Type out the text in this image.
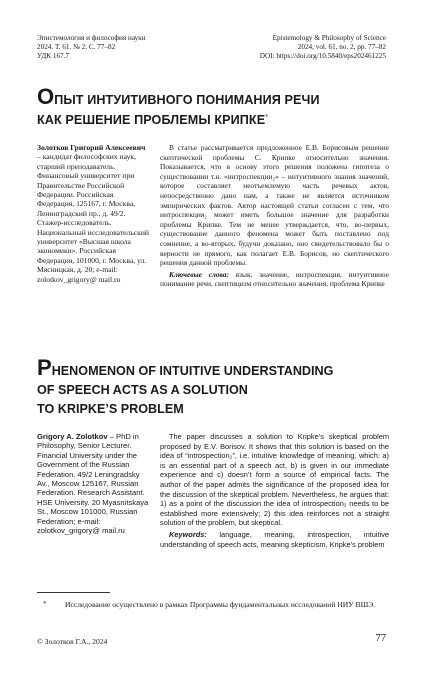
Эпистемология и философия науки
2024. Т. 61. № 2. С. 77–82
УДК 167.7
Epistemology & Philosophy of Science
2024, vol. 61, no. 2, pp. 77–82
DOI: https://doi.org/10.5840/eps202461225
ОПЫТ ИНТУИТИВНОГО ПОНИМАНИЯ РЕЧИ
КАК РЕШЕНИЕ ПРОБЛЕМЫ КРИПКЕ*
Золотков Григорий Алексеевич – кандидат философских наук, старший преподаватель. Финансовый университет при Правительстве Российской Федерации. Российская Федерация, 125167, г. Москва, Ленинградский пр., д. 49/2. Стажер-исследователь. Национальный исследовательский университет «Высшая школа экономики». Российская Федерация, 101000, г. Москва, ул. Мясницкая, д. 20; e-mail: zolotkov_grigory@ mail.ru

В статье рассматривается предложенное Е.В. Борисовым решение скептической проблемы С. Крипке относительно значения. Показывается, что в основу этого решения положена гипотеза о существовании т.н. «интроспекции₂» – интуитивного знания значений, которое составляет неотъемлемую часть речевых актов, непосредственно дано нам, а также не является источником эмпирических фактов. Автор настоящей статьи согласен с тем, что интроспекция₂ может иметь большое значение для разработки проблемы Крипке. Тем не менее утверждается, что, во-первых, существование данного феномена может быть поставлено под сомнение, а во-вторых, будучи доказано, оно свидетельствовало бы о верности не прямого, как полагает Е.В. Борисов, но скептического решения данной проблемы.

Ключевые слова: язык, значение, интроспекция, интуитивное понимание речи, скептицизм относительно значения, проблема Крипке

PHENOMENON OF INTUITIVE UNDERSTANDING
OF SPEECH ACTS AS A SOLUTION
TO KRIPKE’S PROBLEM
Grigory A. Zolotkov – PhD in Philosophy, Senior Lecturer. Financial University under the Government of the Russian Federation. 49/2 Leningradsky Av., Moscow 125167, Russian Federation. Research Assistant. HSE University. 20 Myasnitskaya St., Moscow 101000, Russian Federation; e-mail: zolotkov_grigory@ mail.ru

The paper discusses a solution to Kripke’s skeptical problem proposed by E.V. Borisov. It shows that this solution is based on the idea of “introspection₂”, i.e. intuitive knowledge of meaning, which: a) is an essential part of a speech act, b) is given in our immediate experience and c) doesn’t form a source of empirical facts. The author of the paper admits the significance of the proposed idea for the discussion of the skeptical problem. Nevertheless, he argues that: 1) as a point of the discussion the idea of introspection₂ needs to be established more extensively; 2) this idea reinforces not a straight solution of the problem, but skeptical.

Keywords: language, meaning, introspection, intuitive understanding of speech acts, meaning skepticism, Kripke’s problem

*	Исследование осуществлено в рамках Программы фундаментальных исследований НИУ ВШЭ.
© Золотков Г.А., 2024	77
